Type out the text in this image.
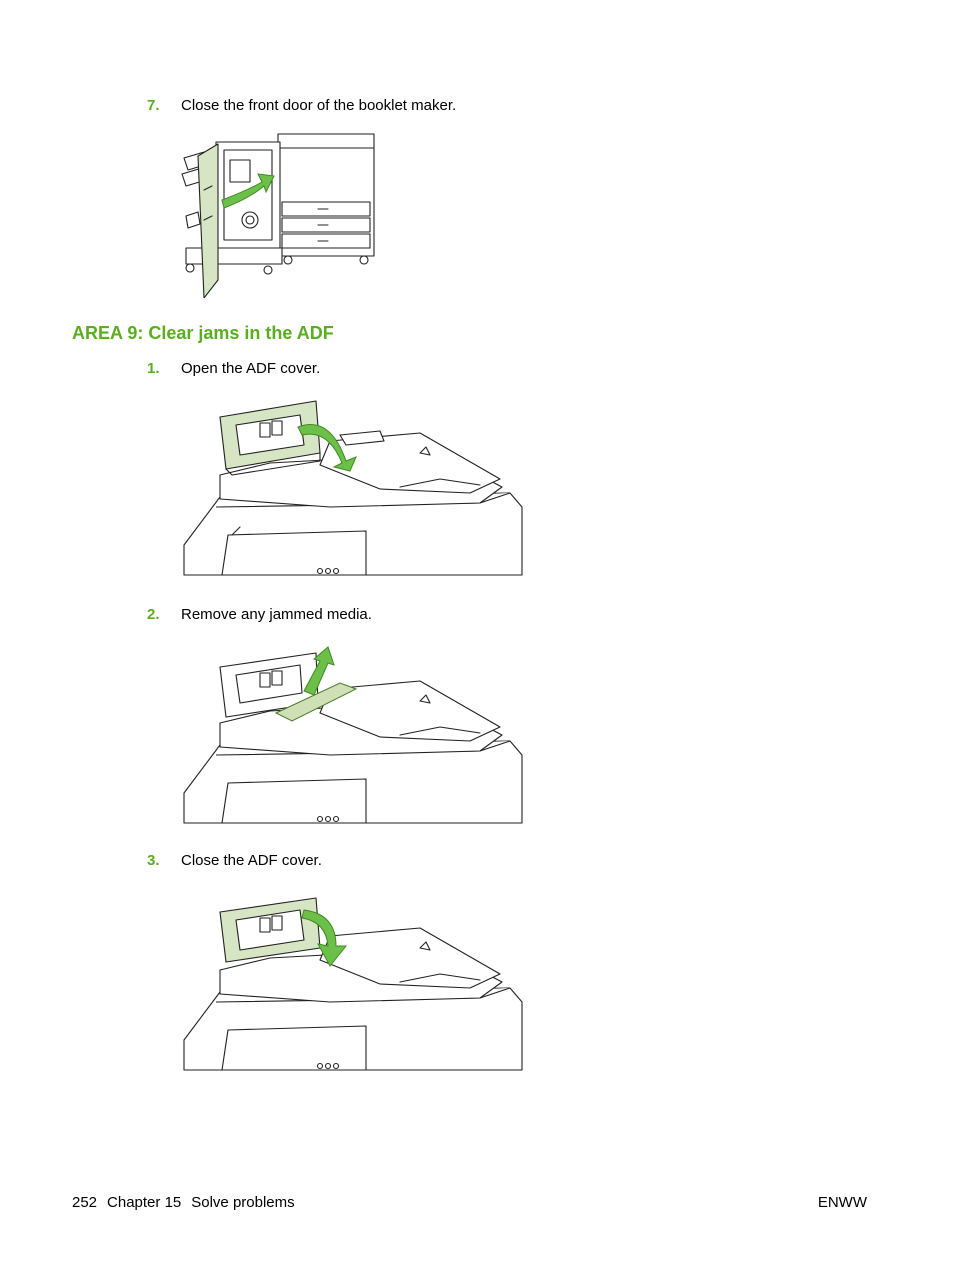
7. Close the front door of the booklet maker.
AREA 9: Clear jams in the ADF
1. Open the ADF cover.
2. Remove any jammed media.
3. Close the ADF cover.
252 Chapter 15 Solve problems	ENWW
